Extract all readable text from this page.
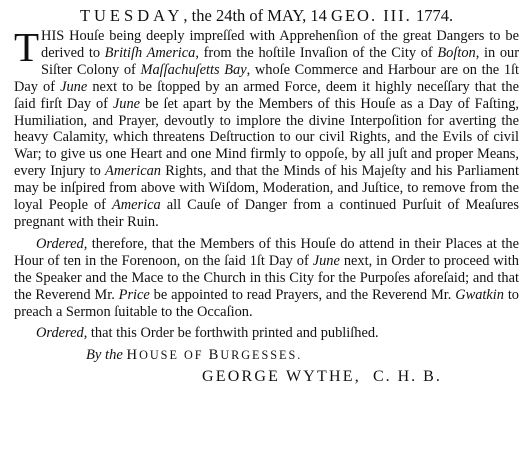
TUESDAY, the 24th of MAY, 14 GEO. III. 1774.

THIS Houſe being deeply impreſſed with Apprehenſion of the great Dangers to be derived to Britiſh America, from the hoſtile Invaſion of the City of Boſton, in our Siſter Colony of Maſſachuſetts Bay, whoſe Commerce and Harbour are on the 1ſt Day of June next to be ſtopped by an armed Force, deem it highly neceſſary that the ſaid firſt Day of June be ſet apart by the Members of this Houſe as a Day of Faſting, Humiliation, and Prayer, devoutly to implore the divine Interpoſition for averting the heavy Calamity, which threatens Deſtruction to our civil Rights, and the Evils of civil War; to give us one Heart and one Mind firmly to oppoſe, by all juſt and proper Means, every Injury to American Rights, and that the Minds of his Majeſty and his Parliament may be inſpired from above with Wiſdom, Moderation, and Juſtice, to remove from the loyal People of America all Cauſe of Danger from a continued Purſuit of Meaſures pregnant with their Ruin.

Ordered, therefore, that the Members of this Houſe do attend in their Places at the Hour of ten in the Forenoon, on the ſaid 1ſt Day of June next, in Order to proceed with the Speaker and the Mace to the Church in this City for the Purpoſes aforeſaid; and that the Reverend Mr. Price be appointed to read Prayers, and the Reverend Mr. Gwatkin to preach a Sermon ſuitable to the Occaſion.

Ordered, that this Order be forthwith printed and publiſhed.

By the HOUSE OF BURGESSES.
GEORGE WYTHE, C. H. B.
